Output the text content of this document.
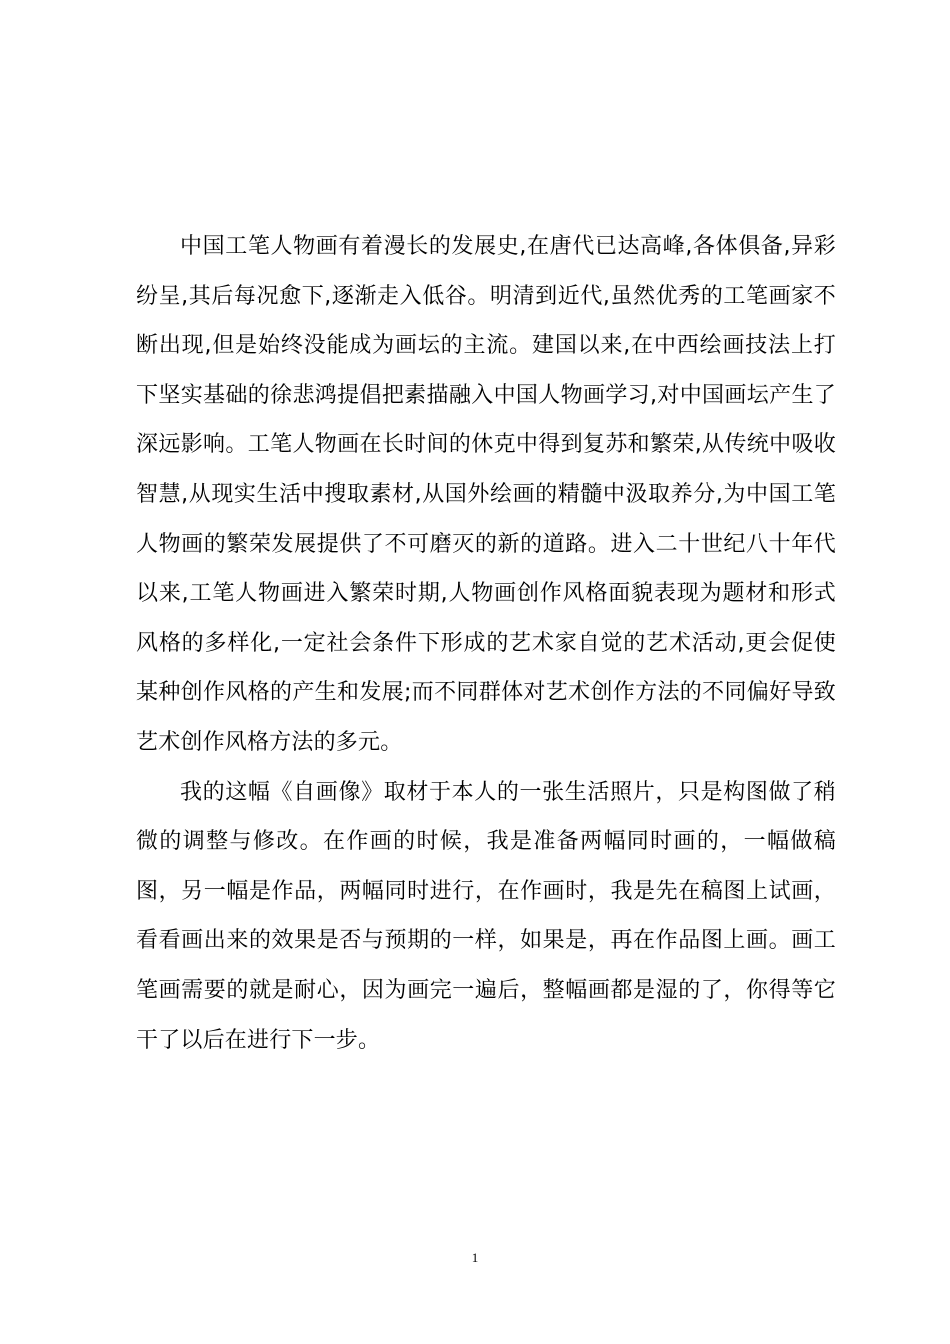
中国工笔人物画有着漫长的发展史,在唐代已达高峰,各体俱备,异彩纷呈,其后每况愈下,逐渐走入低谷。明清到近代,虽然优秀的工笔画家不断出现,但是始终没能成为画坛的主流。建国以来,在中西绘画技法上打下坚实基础的徐悲鸿提倡把素描融入中国人物画学习,对中国画坛产生了深远影响。工笔人物画在长时间的休克中得到复苏和繁荣,从传统中吸收智慧,从现实生活中搜取素材,从国外绘画的精髓中汲取养分,为中国工笔人物画的繁荣发展提供了不可磨灭的新的道路。进入二十世纪八十年代以来,工笔人物画进入繁荣时期,人物画创作风格面貌表现为题材和形式风格的多样化,一定社会条件下形成的艺术家自觉的艺术活动,更会促使某种创作风格的产生和发展;而不同群体对艺术创作方法的不同偏好导致艺术创作风格方法的多元。

我的这幅《自画像》取材于本人的一张生活照片，只是构图做了稍微的调整与修改。在作画的时候，我是准备两幅同时画的，一幅做稿图，另一幅是作品，两幅同时进行，在作画时，我是先在稿图上试画，看看画出来的效果是否与预期的一样，如果是，再在作品图上画。画工笔画需要的就是耐心，因为画完一遍后，整幅画都是湿的了，你得等它干了以后在进行下一步。

1
